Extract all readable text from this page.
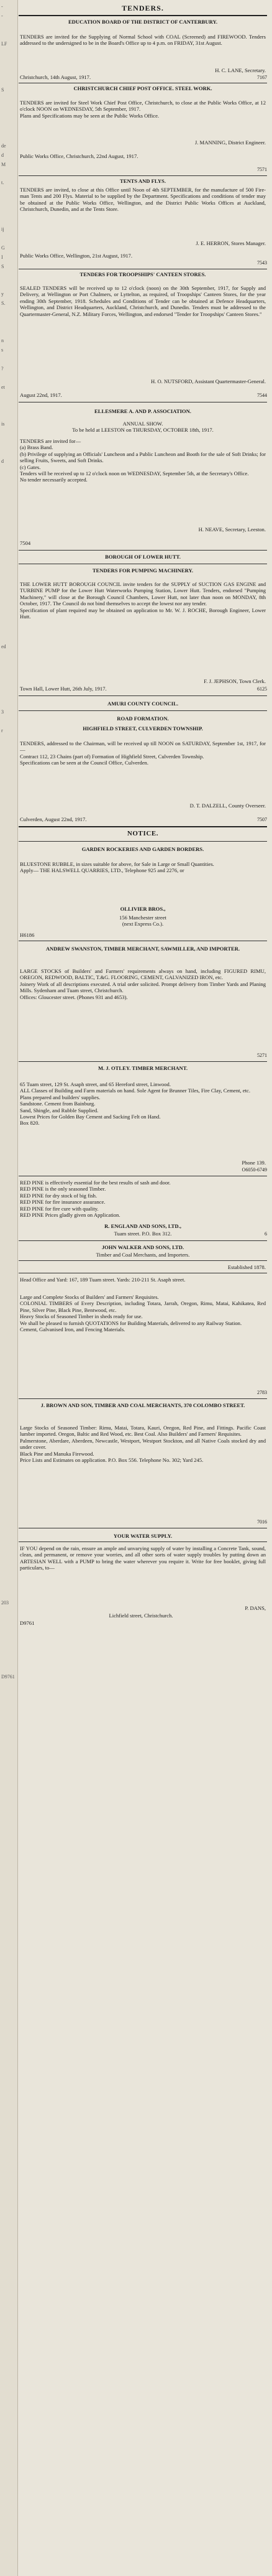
TENDERS.
EDUCATION BOARD OF THE DISTRICT OF CANTERBURY.
TENDERS are invited for the Supplying of Normal School with COAL (Screened) and FIREWOOD. Tenders addressed to the undersigned to be in the Board's Office up to 4 p.m. on FRIDAY, 31st August.
H. C. LANE, Secretary.
Christchurch, 14th August, 1917.	7167
CHRISTCHURCH CHIEF POST OFFICE. STEEL WORK.
TENDERS are invited for Steel Work Chief Post Office, Christchurch, to close at the Public Works Office, at 12 o'clock NOON on WEDNESDAY, 5th September, 1917.
Plans and Specifications may be seen at the Public Works Office.
J. MANNING, District Engineer.
Public Works Office, Christchurch, 22nd August, 1917.
7571
TENTS AND FLYS.
TENDERS are invited, to close at this Office until Noon of 4th SEPTEMBER, for the manufacture of 500 Fire-man Tents and 200 Flys. Material to be supplied by the Department. Specifications and conditions of tender may be obtained at the Public Works Office, Wellington, and the District Public Works Offices at Auckland, Christchurch, Dunedin, and at the Tents Store.
J. E. HERRON, Stores Manager.
Public Works Office, Wellington, 21st August, 1917.
7543
TENDERS FOR TROOPSHIPS' CANTEEN STORES.
SEALED TENDERS will be received up to 12 o'clock (noon) on the 30th September, 1917, for Supply and Delivery, at Wellington or Port Chalmers, or Lyttelton, as required, of Troopships' Canteen Stores, for the year ending 30th September, 1918. Schedules and Conditions of Tender can be obtained at Defence Headquarters, Wellington, and District Headquarters, Auckland, Christchurch, and Dunedin. Tenders must be addressed to the Quartermaster-General, N.Z. Military Forces, Wellington, and endorsed "Tender for Troopships' Canteen Stores."
H. O. NUTSFORD, Assistant Quartermaster-General.
August 22nd, 1917.	7544
ELLESMERE A. AND P. ASSOCIATION.
ANNUAL SHOW.
To be held at LEESTON on THURSDAY, OCTOBER 18th, 1917.
TENDERS are invited for—
(a) Brass Band.
(b) Privilege of supplying an Officials' Luncheon and a Public Luncheon and Booth for the sale of Soft Drinks; for selling Fruits, Sweets, and Soft Drinks.
(c) Gates.
Tenders will be received up to 12 o'clock noon on WEDNESDAY, September 5th, at the Secretary's Office.
No tender necessarily accepted.
H. NEAVE, Secretary, Leeston.
7504
BOROUGH OF LOWER HUTT.
TENDERS FOR PUMPING MACHINERY.
THE LOWER HUTT BOROUGH COUNCIL invite tenders for the SUPPLY of SUCTION GAS ENGINE and TURBINE PUMP for the Lower Hutt Waterworks Pumping Station, Lower Hutt. Tenders, endorsed "Pumping Machinery," will close at the Borough Council Chambers, Lower Hutt, not later than noon on MONDAY, 8th October, 1917. The Council do not bind themselves to accept the lowest nor any tender.
Specification of plant required may be obtained on application to Mr. W. J. ROCHE, Borough Engineer, Lower Hutt.
F. J. JEPHSON, Town Clerk.
Town Hall, Lower Hutt, 26th July, 1917.	6125
AMURI COUNTY COUNCIL.
ROAD FORMATION.
HIGHFIELD STREET, CULVERDEN TOWNSHIP.
TENDERS, addressed to the Chairman, will be received up till NOON on SATURDAY, September 1st, 1917, for—
Contract 112, 23 Chains (part of) Formation of Highfield Street, Culverden Township.
Specifications can be seen at the Council Office, Culverden.
D. T. DALZELL, County Overseer.
Culverden, August 22nd, 1917.	7507
NOTICE.
GARDEN ROCKERIES AND GARDEN BORDERS.
BLUESTONE RUBBLE, in sizes suitable for above, for Sale in Large or Small Quantities.
Apply— THE HALSWELL QUARRIES, LTD., Telephone 925 and 2276, or
OLLIVIER BROS.,
156 Manchester street
(next Express Co.).
H6186
ANDREW SWANSTON, TIMBER MERCHANT, SAWMILLER, AND IMPORTER.
LARGE STOCKS of Builders' and Farmers' requirements always on hand, including FIGURED RIMU, OREGON, REDWOOD, BALTIC, T.&G. FLOORING, CEMENT, GALVANIZED IRON, etc.
Joinery Work of all descriptions executed. A trial order solicited. Prompt delivery from Timber Yards and Planing Mills. Sydenham and Tuam street, Christchurch.
Offices: Gloucester street. (Phones 931 and 4653).
5271
M. J. OTLEY. TIMBER MERCHANT.
65 Tuam street, 129 St. Asaph street, and 65 Hereford street, Linwood.
ALL Classes of Building and Farm materials on hand. Sole Agent for Brunner Tiles, Fire Clay, Cement, etc.
Plans prepared and builders' supplies.
Sandstone. Cement from Bainburg.
Sand, Shingle, and Rubble Supplied.
Lowest Prices for Golden Bay Cement and Sacking Felt on Hand.
Box 820.
Phone 139.
O6050-6749
RED PINE is effectively essential for the best results of sash and door.
RED PINE is the only seasoned Timber.
RED PINE for dry stock of big fish.
RED PINE for fire insurance assurance.
RED PINE for fire cure with quality.
RED PINE Prices gladly given on Application.
R. ENGLAND AND SONS, LTD.,
Tuam street. P.O. Box 312.	6
JOHN WALKER AND SONS, LTD.
Timber and Coal Merchants, and Importers.
Established 1878.
Head Office and Yard: 167, 189 Tuam street. Yards: 210-211 St. Asaph street.
Large and Complete Stocks of Builders' and Farmers' Requisites.
COLONIAL TIMBERS of Every Description, including Totara, Jarrah, Oregon, Rimu, Matai, Kahikatea, Red Pine, Silver Pine, Black Pine, Bentwood, etc.
Heavy Stocks of Seasoned Timber in sheds ready for use.
We shall be pleased to furnish QUOTATIONS for Building Materials, delivered to any Railway Station.
Cement, Galvanised Iron, and Fencing Materials.
2783
J. BROWN AND SON, TIMBER AND COAL MERCHANTS, 370 COLOMBO STREET.
Large Stocks of Seasoned Timber: Rimu, Matai, Totara, Kauri, Oregon, Red Pine, and Fittings. Pacific Coast lumber imported. Oregon, Baltic and Red Wood, etc. Best Coal. Also Builders' and Farmers' Requisites.
Palmerstone, Aberdare, Aberdeen, Newcastle, Westport, Westport Stockton, and all Native Coals stocked dry and under cover.
Black Pine and Manuka Firewood.
Price Lists and Estimates on application. P.O. Box 556. Telephone No. 302; Yard 245.
7016
YOUR WATER SUPPLY.
IF YOU depend on the rain, ensure an ample and unvarying supply of water by installing a Concrete Tank, sound, clean, and permanent, or remove your worries, and all other sorts of water supply troubles by putting down an ARTESIAN WELL with a PUMP to bring the water wherever you require it. Write for free booklet, giving full particulars, to—
P. DANS,
Lichfield street, Christchurch.
D9761
-
-
LF
S
de
d
M
t.
ij
G
I
S
y
S.
n
s
?
et
is
d
ed
3
r
203
D9761
